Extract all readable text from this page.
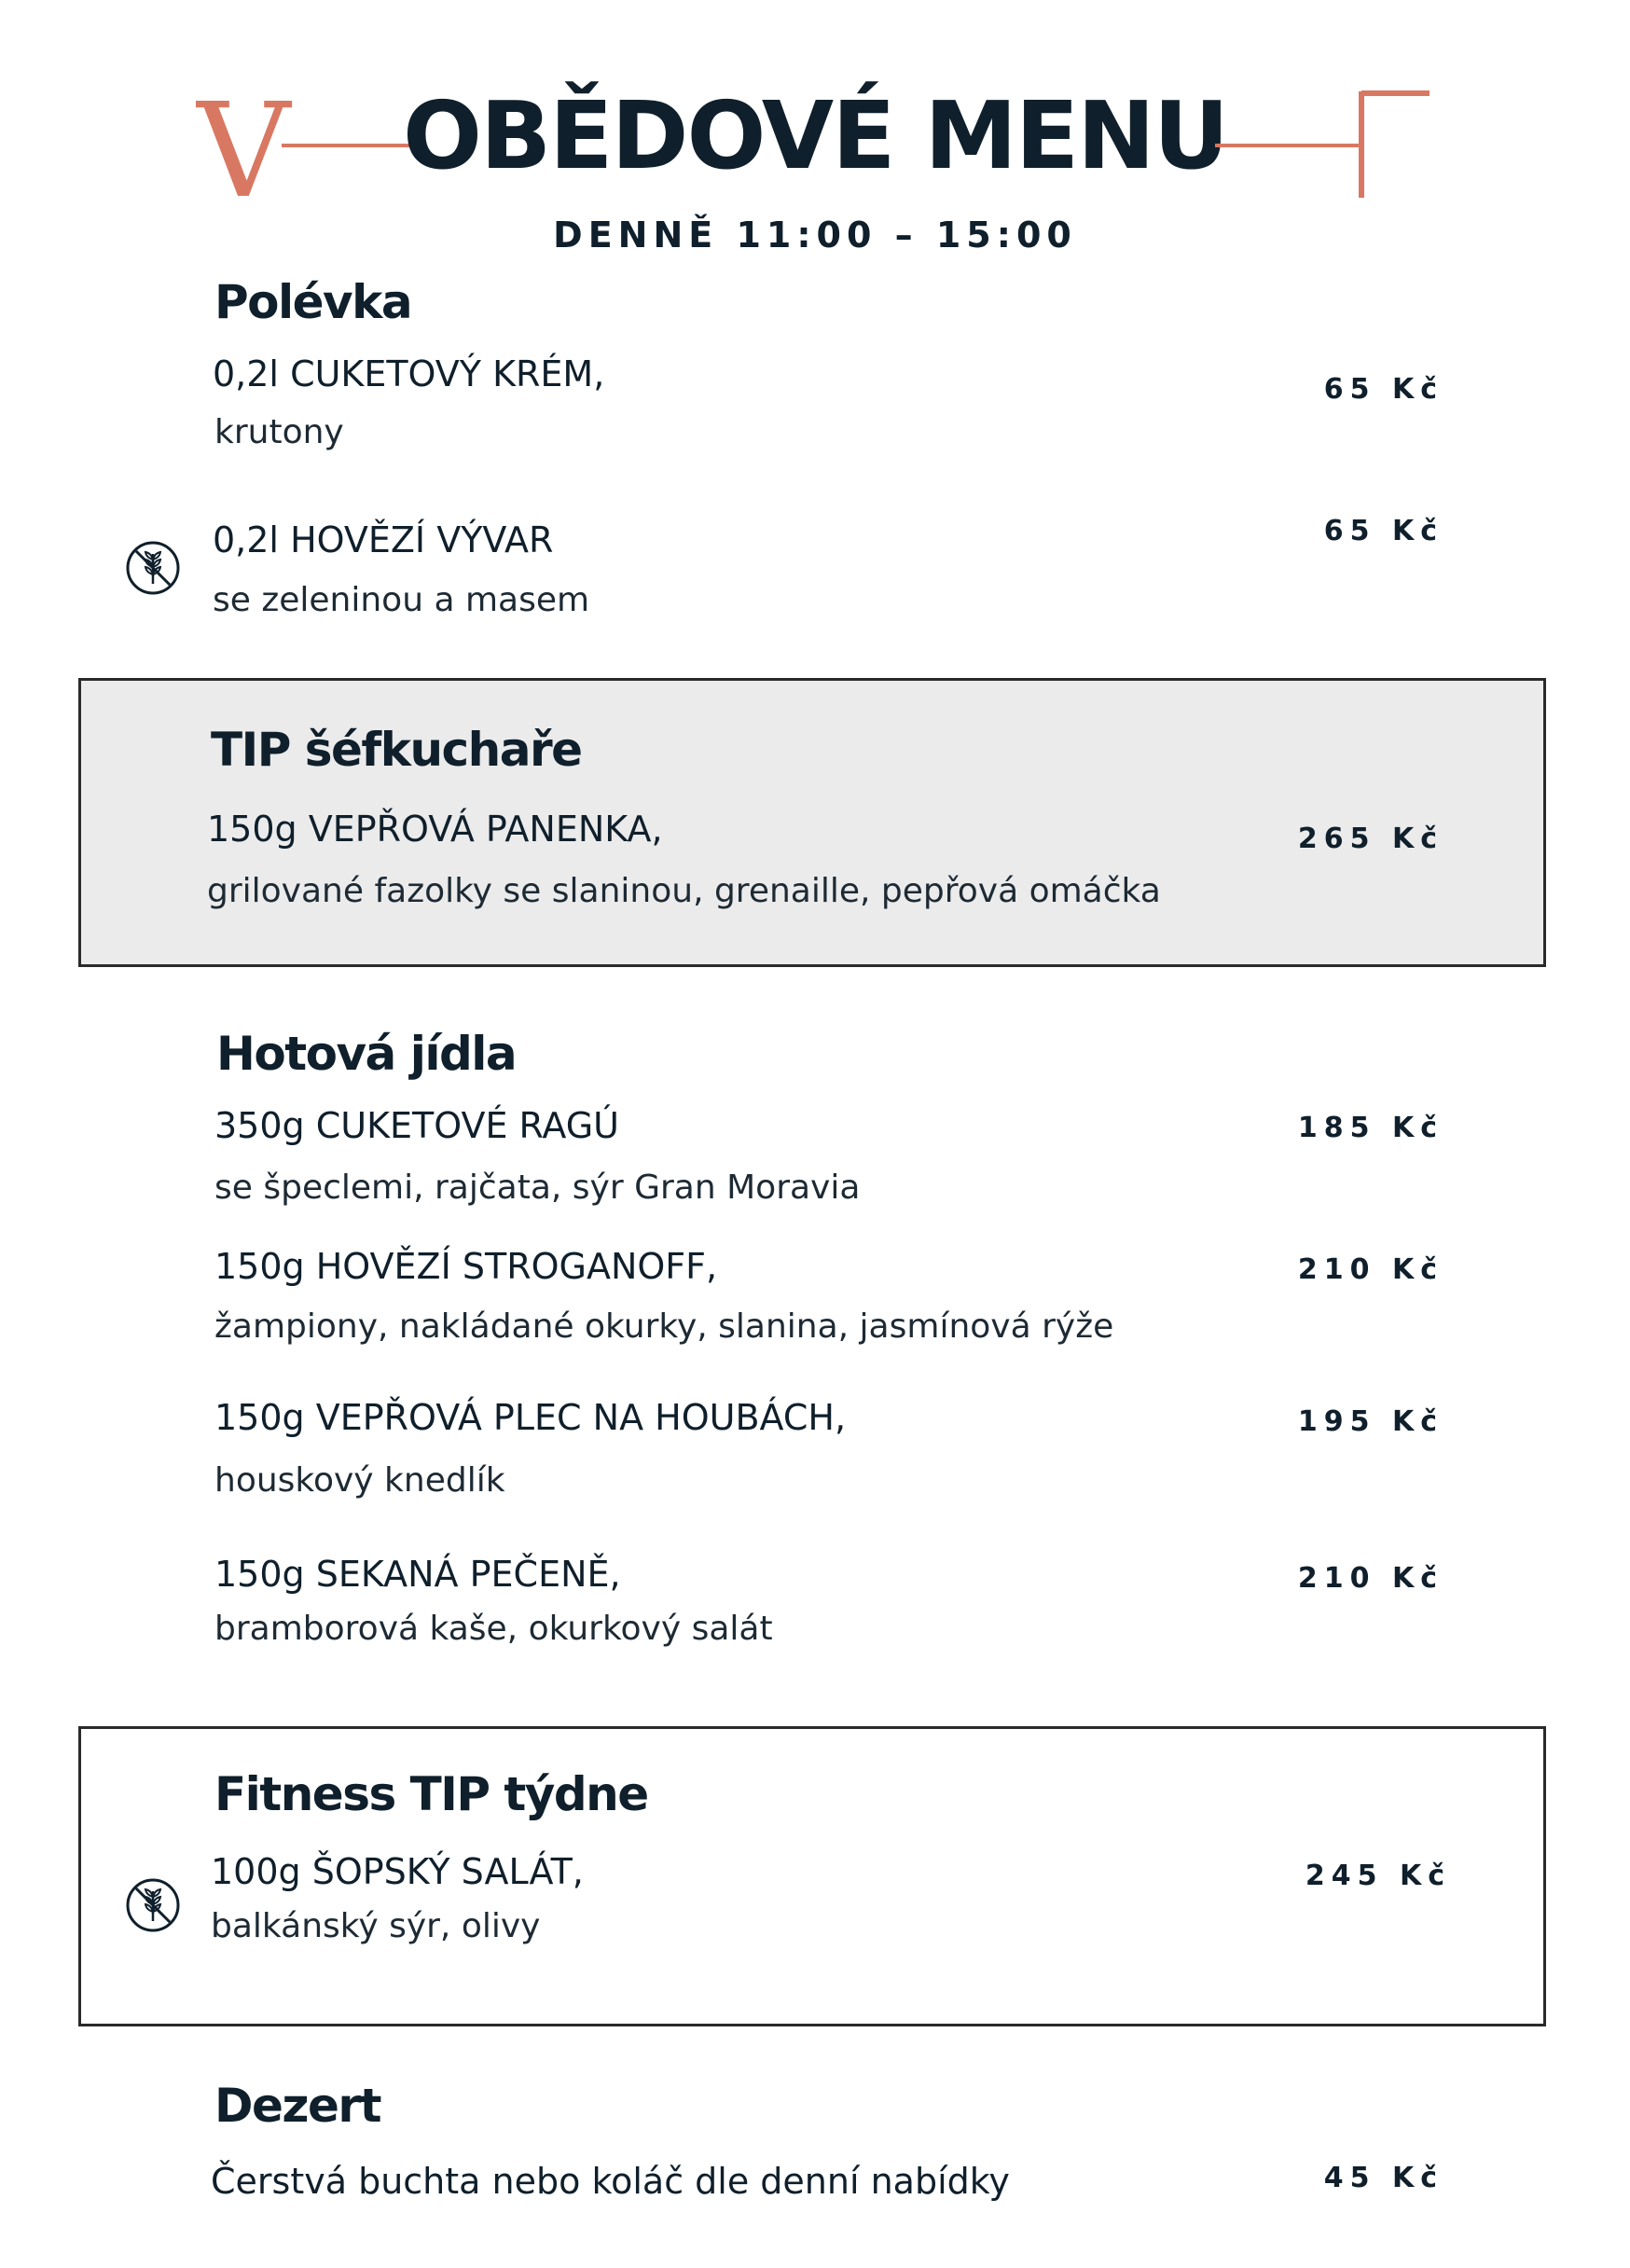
V	OBĚDOVÉ MENU
DENNĚ 11:00 – 15:00
Polévka
0,2l CUKETOVÝ KRÉM,
krutony
65 Kč
0,2l HOVĚZÍ VÝVAR
se zeleninou a masem
65 Kč
TIP šéfkuchaře
150g VEPŘOVÁ PANENKA,
grilované fazolky se slaninou, grenaille, pepřová omáčka
265 Kč
Hotová jídla
350g CUKETOVÉ RAGÚ
se špeclemi, rajčata, sýr Gran Moravia
185 Kč
150g HOVĚZÍ STROGANOFF,
žampiony, nakládané okurky, slanina, jasmínová rýže
210 Kč
150g VEPŘOVÁ PLEC NA HOUBÁCH,
houskový knedlík
195 Kč
150g SEKANÁ PEČENĚ,
bramborová kaše, okurkový salát
210 Kč
Fitness TIP týdne
100g ŠOPSKÝ SALÁT,
balkánský sýr, olivy
245 Kč
Dezert
Čerstvá buchta nebo koláč dle denní nabídky	45 Kč
